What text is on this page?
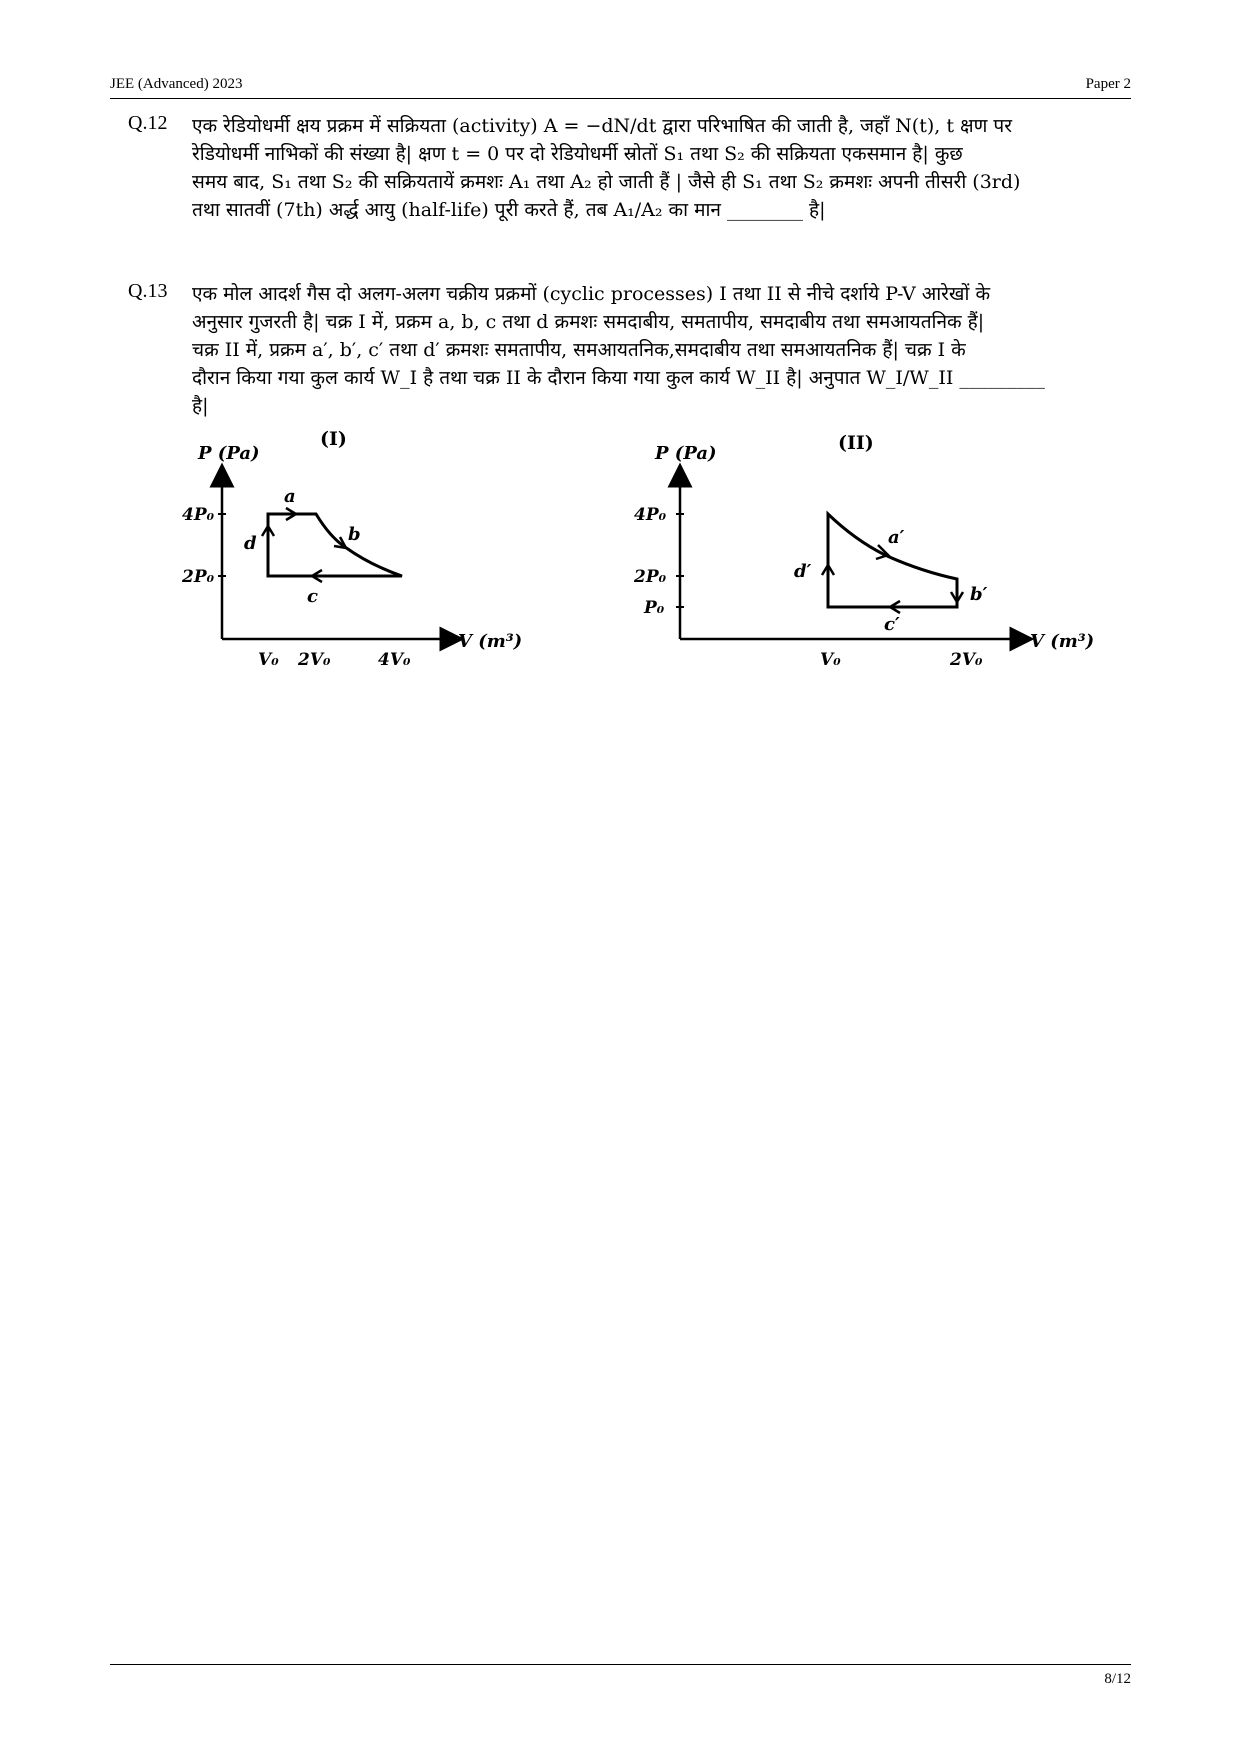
JEE (Advanced) 2023	Paper 2
Q.12 एक रेडियोधर्मी क्षय प्रक्रम में सक्रियता (activity) A = −dN/dt द्वारा परिभाषित की जाती है, जहाँ N(t), t क्षण पर
रेडियोधर्मी नाभिकों की संख्या है| क्षण t = 0 पर दो रेडियोधर्मी स्रोतों S₁ तथा S₂ की सक्रियता एकसमान है| कुछ
समय बाद, S₁ तथा S₂ की सक्रियतायें क्रमशः A₁ तथा A₂ हो जाती हैं | जैसे ही S₁ तथा S₂ क्रमशः अपनी तीसरी (3rd)
तथा सातवीं (7th) अर्द्ध आयु (half-life) पूरी करते हैं, तब A₁/A₂ का मान ________ है|
Q.13 एक मोल आदर्श गैस दो अलग-अलग चक्रीय प्रक्रमों (cyclic processes) I तथा II से नीचे दर्शाये P-V आरेखों के
अनुसार गुजरती है| चक्र I में, प्रक्रम a, b, c तथा d क्रमशः समदाबीय, समतापीय, समदाबीय तथा समआयतनिक हैं|
चक्र II में, प्रक्रम a′, b′, c′ तथा d′ क्रमशः समतापीय, समआयतनिक,समदाबीय तथा समआयतनिक हैं| चक्र I के
दौरान किया गया कुल कार्य W_I है तथा चक्र II के दौरान किया गया कुल कार्य W_II है| अनुपात W_I/W_II _________
है|
(I)
P (Pa)
V (m³)
4P₀
2P₀
V₀ 2V₀	4V₀
a
b
c
d
(II)
P (Pa)
V (m³)
4P₀
2P₀
P₀
V₀	2V₀
a′
b′
c′
d′
8/12
